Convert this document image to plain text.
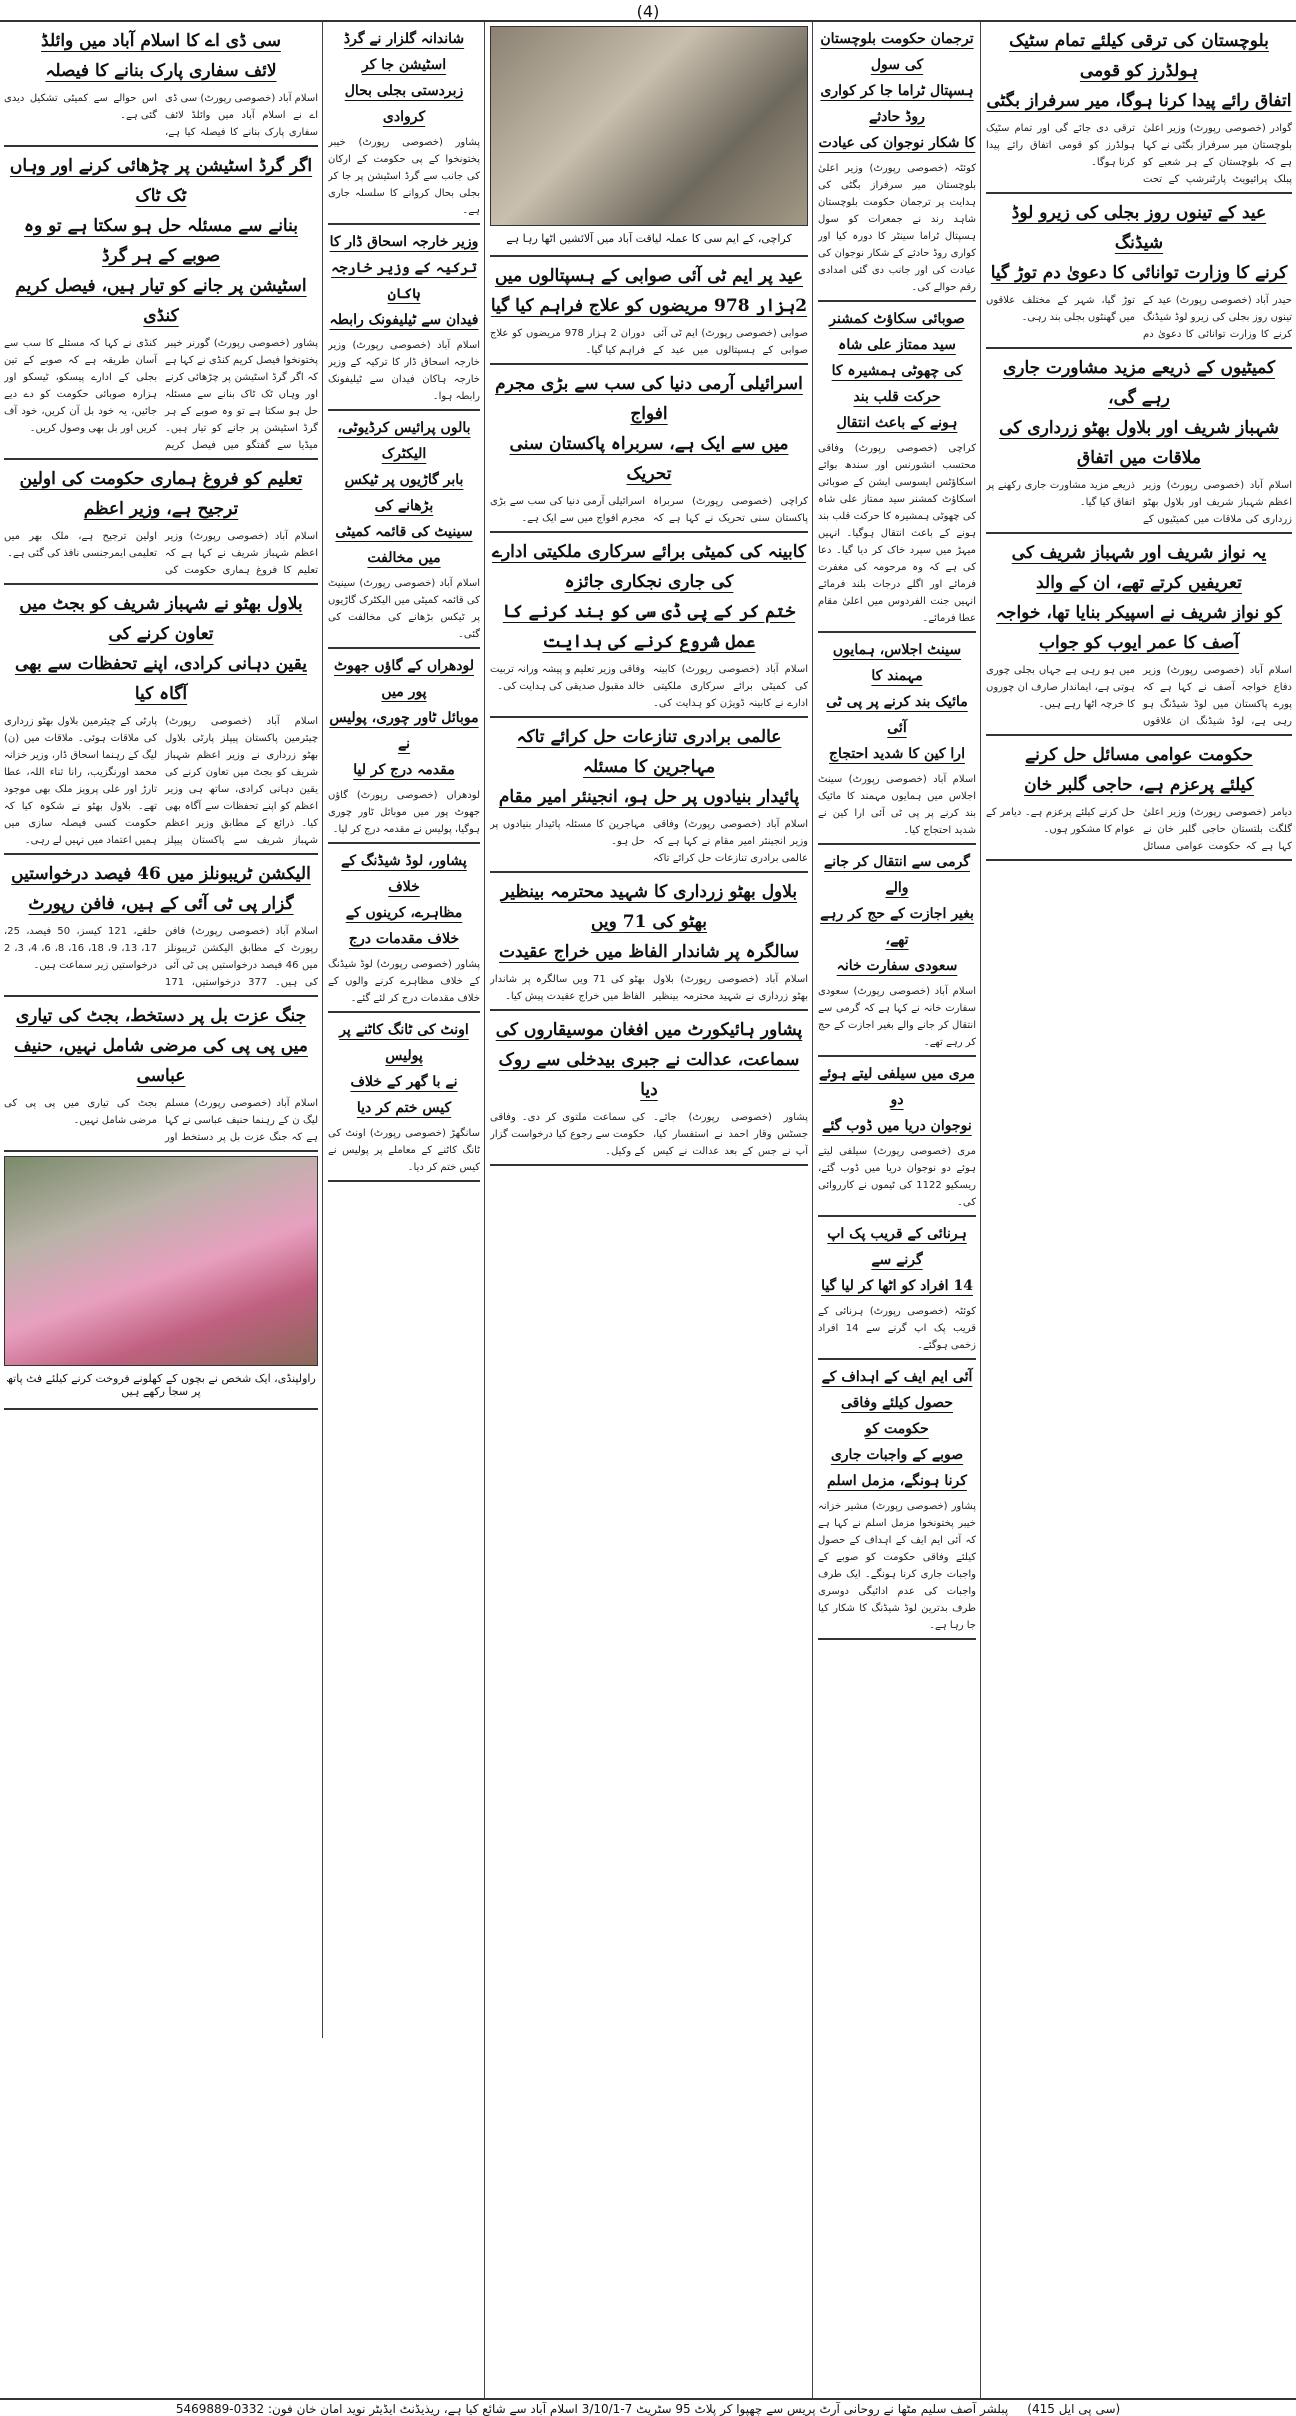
(4)
بلوچستان کی ترقی کیلئے تمام سٹیک ہولڈرز کو قومی
اتفاق رائے پیدا کرنا ہوگا، میر سرفراز بگٹی
گوادر (خصوصی رپورٹ) وزیر اعلیٰ بلوچستان میر سرفراز بگٹی نے کہا ہے کہ بلوچستان کے ہر شعبے کو پبلک پرائیویٹ پارٹنرشپ کے تحت ترقی دی جائے گی اور تمام سٹیک ہولڈرز کو قومی اتفاق رائے پیدا کرنا ہوگا۔
عید کے تینوں روز بجلی کی زیرو لوڈ شیڈنگ
کرنے کا وزارت توانائی کا دعویٰ دم توڑ گیا
حیدر آباد (خصوصی رپورٹ) عید کے تینوں روز بجلی کی زیرو لوڈ شیڈنگ کرنے کا وزارت توانائی کا دعویٰ دم توڑ گیا، شہر کے مختلف علاقوں میں گھنٹوں بجلی بند رہی۔
کمیٹیوں کے ذریعے مزید مشاورت جاری رہے گی،
شہباز شریف اور بلاول بھٹو زرداری کی ملاقات میں اتفاق
اسلام آباد (خصوصی رپورٹ) وزیر اعظم شہباز شریف اور بلاول بھٹو زرداری کی ملاقات میں کمیٹیوں کے ذریعے مزید مشاورت جاری رکھنے پر اتفاق کیا گیا۔
یہ نواز شریف اور شہباز شریف کی تعریفیں کرتے تھے، ان کے والد
کو نواز شریف نے اسپیکر بنایا تھا، خواجہ آصف کا عمر ایوب کو جواب
اسلام آباد (خصوصی رپورٹ) وزیر دفاع خواجہ آصف نے کہا ہے کہ پورے پاکستان میں لوڈ شیڈنگ ہو رہی ہے، لوڈ شیڈنگ ان علاقوں میں ہو رہی ہے جہاں بجلی چوری ہوتی ہے، ایماندار صارف ان چوروں کا خرچہ اٹھا رہے ہیں۔
حکومت عوامی مسائل حل کرنے
کیلئے پرعزم ہے، حاجی گلبر خان
دیامر (خصوصی رپورٹ) وزیر اعلیٰ گلگت بلتستان حاجی گلبر خان نے کہا ہے کہ حکومت عوامی مسائل حل کرنے کیلئے پرعزم ہے۔ دیامر کے عوام کا مشکور ہوں۔
ترجمان حکومت بلوچستان کی سول
ہسپتال ٹراما جا کر کواری روڈ حادثے
کا شکار نوجوان کی عیادت
کوئٹہ (خصوصی رپورٹ) وزیر اعلیٰ بلوچستان میر سرفراز بگٹی کی ہدایت پر ترجمان حکومت بلوچستان شاہد رند نے جمعرات کو سول ہسپتال ٹراما سینٹر کا دورہ کیا اور کواری روڈ حادثے کے شکار نوجوان کی عیادت کی اور جانب دی گئی امدادی رقم حوالے کی۔
صوبائی سکاؤٹ کمشنر سید ممتاز علی شاہ
کی چھوٹی ہمشیرہ کا حرکت قلب بند
ہونے کے باعث انتقال
کراچی (خصوصی رپورٹ) وفاقی محتسب انشورنس اور سندھ بوائے اسکاؤٹس ایسوسی ایشن کے صوبائی اسکاؤٹ کمشنر سید ممتاز علی شاہ کی چھوٹی ہمشیرہ کا حرکت قلب بند ہونے کے باعث انتقال ہوگیا۔ انہیں میہڑ میں سپرد خاک کر دیا گیا۔ دعا کی ہے کہ وہ مرحومہ کی مغفرت فرمائے اور اگلے درجات بلند فرمائے انہیں جنت الفردوس میں اعلیٰ مقام عطا فرمائے۔
سینٹ اجلاس، ہمایوں مہمند کا
مائیک بند کرنے پر پی ٹی آئی
ارا کین کا شدید احتجاج
اسلام آباد (خصوصی رپورٹ) سینٹ اجلاس میں ہمایوں مہمند کا مائیک بند کرنے پر پی ٹی آئی ارا کین نے شدید احتجاج کیا۔
گرمی سے انتقال کر جانے والے
بغیر اجازت کے حج کر رہے تھے،
سعودی سفارت خانہ
اسلام آباد (خصوصی رپورٹ) سعودی سفارت خانہ نے کہا ہے کہ گرمی سے انتقال کر جانے والے بغیر اجازت کے حج کر رہے تھے۔
مری میں سیلفی لیتے ہوئے دو
نوجوان دریا میں ڈوب گئے
مری (خصوصی رپورٹ) سیلفی لیتے ہوئے دو نوجوان دریا میں ڈوب گئے، ریسکیو 1122 کی ٹیموں نے کارروائی کی۔
ہرنائی کے قریب پک اپ گرنے سے
14 افراد کو اٹھا کر لیا گیا
کوئٹہ (خصوصی رپورٹ) ہرنائی کے قریب پک اپ گرنے سے 14 افراد زخمی ہوگئے۔
آئی ایم ایف کے اہداف کے
حصول کیلئے وفاقی حکومت کو
صوبے کے واجبات جاری
کرنا ہونگے، مزمل اسلم
پشاور (خصوصی رپورٹ) مشیر خزانہ خیبر پختونخوا مزمل اسلم نے کہا ہے کہ آئی ایم ایف کے اہداف کے حصول کیلئے وفاقی حکومت کو صوبے کے واجبات جاری کرنا ہونگے۔ ایک طرف واجبات کی عدم ادائیگی دوسری طرف بدترین لوڈ شیڈنگ کا شکار کیا جا رہا ہے۔
کراچی، کے ایم سی کا عملہ لیاقت آباد میں آلائشیں اٹھا رہا ہے
عید پر ایم ٹی آئی صوابی کے ہسپتالوں میں
2ہزار 978 مریضوں کو علاج فراہم کیا گیا
صوابی (خصوصی رپورٹ) ایم ٹی آئی صوابی کے ہسپتالوں میں عید کے دوران 2 ہزار 978 مریضوں کو علاج فراہم کیا گیا۔
اسرائیلی آرمی دنیا کی سب سے بڑی مجرم افواج
میں سے ایک ہے، سربراہ پاکستان سنی تحریک
کراچی (خصوصی رپورٹ) سربراہ پاکستان سنی تحریک نے کہا ہے کہ اسرائیلی آرمی دنیا کی سب سے بڑی مجرم افواج میں سے ایک ہے۔
کابینہ کی کمیٹی برائے سرکاری ملکیتی ادارے کی جاری نجکاری جائزہ
ختم کر کے پی ڈی سی کو بند کرنے کا عمل شروع کرنے کی ہدایت
اسلام آباد (خصوصی رپورٹ) کابینہ کی کمیٹی برائے سرکاری ملکیتی ادارے نے کابینہ ڈویژن کو ہدایت کی۔ وفاقی وزیر تعلیم و پیشہ ورانہ تربیت خالد مقبول صدیقی کی ہدایت کی۔
عالمی برادری تنازعات حل کرائے تاکہ مہاجرین کا مسئلہ
پائیدار بنیادوں پر حل ہو، انجینئر امیر مقام
اسلام آباد (خصوصی رپورٹ) وفاقی وزیر انجینئر امیر مقام نے کہا ہے کہ عالمی برادری تنازعات حل کرائے تاکہ مہاجرین کا مسئلہ پائیدار بنیادوں پر حل ہو۔
بلاول بھٹو زرداری کا شہید محترمہ بینظیر بھٹو کی 71 ویں
سالگرہ پر شاندار الفاظ میں خراج عقیدت
اسلام آباد (خصوصی رپورٹ) بلاول بھٹو زرداری نے شہید محترمہ بینظیر بھٹو کی 71 ویں سالگرہ پر شاندار الفاظ میں خراج عقیدت پیش کیا۔
پشاور ہائیکورٹ میں افغان موسیقاروں کی
سماعت، عدالت نے جبری بیدخلی سے روک دیا
پشاور (خصوصی رپورٹ) جائے۔ جسٹس وقار احمد نے استفسار کیا، آپ نے جس کے بعد عدالت نے کیس کی سماعت ملتوی کر دی۔ وفاقی حکومت سے رجوع کیا درخواست گزار کے وکیل۔
شاندانہ گلزار نے گرڈ اسٹیشن جا کر
زبردستی بجلی بحال کروادی
پشاور (خصوصی رپورٹ) خیبر پختونخوا کے پی حکومت کے ارکان کی جانب سے گرڈ اسٹیشن پر جا کر بجلی بحال کروانے کا سلسلہ جاری ہے۔
وزیر خارجہ اسحاق ڈار کا
ترکیہ کے وزیر خارجہ ہاکان
فیدان سے ٹیلیفونک رابطہ
اسلام آباد (خصوصی رپورٹ) وزیر خارجہ اسحاق ڈار کا ترکیہ کے وزیر خارجہ ہاکان فیدان سے ٹیلیفونک رابطہ ہوا۔
بالوں پرائیس کرڈیوٹی، الیکٹرک
بابر گاڑیوں پر ٹیکس بڑھانے کی
سینیٹ کی قائمہ کمیٹی میں مخالفت
اسلام آباد (خصوصی رپورٹ) سینیٹ کی قائمہ کمیٹی میں الیکٹرک گاڑیوں پر ٹیکس بڑھانے کی مخالفت کی گئی۔
لودھراں کے گاؤں جھوٹ پور میں
موبائل ٹاور چوری، پولیس نے
مقدمہ درج کر لیا
لودھراں (خصوصی رپورٹ) گاؤں جھوٹ پور میں موبائل ٹاور چوری ہوگیا، پولیس نے مقدمہ درج کر لیا۔
پشاور، لوڈ شیڈنگ کے خلاف
مظاہرے، کرینوں کے
خلاف مقدمات درج
پشاور (خصوصی رپورٹ) لوڈ شیڈنگ کے خلاف مظاہرے کرنے والوں کے خلاف مقدمات درج کر لئے گئے۔
اونٹ کی ٹانگ کاٹنے پر پولیس
نے با گھر کے خلاف
کیس ختم کر دیا
سانگھڑ (خصوصی رپورٹ) اونٹ کی ٹانگ کاٹنے کے معاملے پر پولیس نے کیس ختم کر دیا۔
سی ڈی اے کا اسلام آباد میں وائلڈ
لائف سفاری پارک بنانے کا فیصلہ
اسلام آباد (خصوصی رپورٹ) سی ڈی اے نے اسلام آباد میں وائلڈ لائف سفاری پارک بنانے کا فیصلہ کیا ہے، اس حوالے سے کمیٹی تشکیل دیدی گئی ہے۔
اگر گرڈ اسٹیشن پر چڑھائی کرنے اور وہاں ٹک ٹاک
بنانے سے مسئلہ حل ہو سکتا ہے تو وہ صوبے کے ہر گرڈ
اسٹیشن پر جانے کو تیار ہیں، فیصل کریم کنڈی
پشاور (خصوصی رپورٹ) گورنر خیبر پختونخوا فیصل کریم کنڈی نے کہا ہے کہ اگر گرڈ اسٹیشن پر چڑھائی کرنے اور وہاں ٹک ٹاک بنانے سے مسئلہ حل ہو سکتا ہے تو وہ صوبے کے ہر گرڈ اسٹیشن پر جانے کو تیار ہیں۔ میڈیا سے گفتگو میں فیصل کریم کنڈی نے کہا کہ مسئلے کا سب سے آسان طریقہ ہے کہ صوبے کے تین بجلی کے ادارے پیسکو، ٹیسکو اور ہزارہ صوبائی حکومت کو دے دیے جائیں، یہ خود بل آن کریں، خود آف کریں اور بل بھی وصول کریں۔
تعلیم کو فروغ ہماری حکومت کی اولین ترجیح ہے، وزیر اعظم
اسلام آباد (خصوصی رپورٹ) وزیر اعظم شہباز شریف نے کہا ہے کہ تعلیم کا فروغ ہماری حکومت کی اولین ترجیح ہے، ملک بھر میں تعلیمی ایمرجنسی نافذ کی گئی ہے۔
بلاول بھٹو نے شہباز شریف کو بجٹ میں تعاون کرنے کی
یقین دہانی کرادی، اپنے تحفظات سے بھی آگاہ کیا
اسلام آباد (خصوصی رپورٹ) چیئرمین پاکستان پیپلز پارٹی بلاول بھٹو زرداری نے وزیر اعظم شہباز شریف کو بجٹ میں تعاون کرنے کی یقین دہانی کرادی، ساتھ ہی وزیر اعظم کو اپنے تحفظات سے آگاہ بھی کیا۔ ذرائع کے مطابق وزیر اعظم شہباز شریف سے پاکستان پیپلز پارٹی کے چیئرمین بلاول بھٹو زرداری کی ملاقات ہوئی۔ ملاقات میں (ن) لیگ کے رہنما اسحاق ڈار، وزیر خزانہ محمد اورنگزیب، رانا ثناء اللہ، عطا تارڑ اور علی پرویز ملک بھی موجود تھے۔ بلاول بھٹو نے شکوہ کیا کہ حکومت کسی فیصلہ سازی میں ہمیں اعتماد میں نہیں لے رہی۔
الیکشن ٹریبونلز میں 46 فیصد درخواستیں
گزار پی ٹی آئی کے ہیں، فافن رپورٹ
اسلام آباد (خصوصی رپورٹ) فافن رپورٹ کے مطابق الیکشن ٹریبونلز میں 46 فیصد درخواستیں پی ٹی آئی کی ہیں۔ 377 درخواستیں، 171 حلقے، 121 کیسز، 50 فیصد، 25، 17، 13، 9، 18، 16، 8، 6، 4، 3، 2 درخواستیں زیر سماعت ہیں۔
جنگ عزت بل پر دستخط، بجٹ کی تیاری
میں پی پی کی مرضی شامل نہیں، حنیف عباسی
اسلام آباد (خصوصی رپورٹ) مسلم لیگ ن کے رہنما حنیف عباسی نے کہا ہے کہ جنگ عزت بل پر دستخط اور بجٹ کی تیاری میں پی پی کی مرضی شامل نہیں۔
راولپنڈی، ایک شخص نے بچوں کے کھلونے فروخت کرنے کیلئے فٹ پاتھ پر سجا رکھے ہیں
(سی پی ایل 415)     پبلشر آصف سلیم مٹھا نے روحانی آرٹ پریس سے چھپوا کر پلاٹ 95 سٹریٹ 7-3/10/1 اسلام آباد سے شائع کیا ہے، ریذیڈنٹ ایڈیٹر نوید امان خان فون: 0332-5469889
